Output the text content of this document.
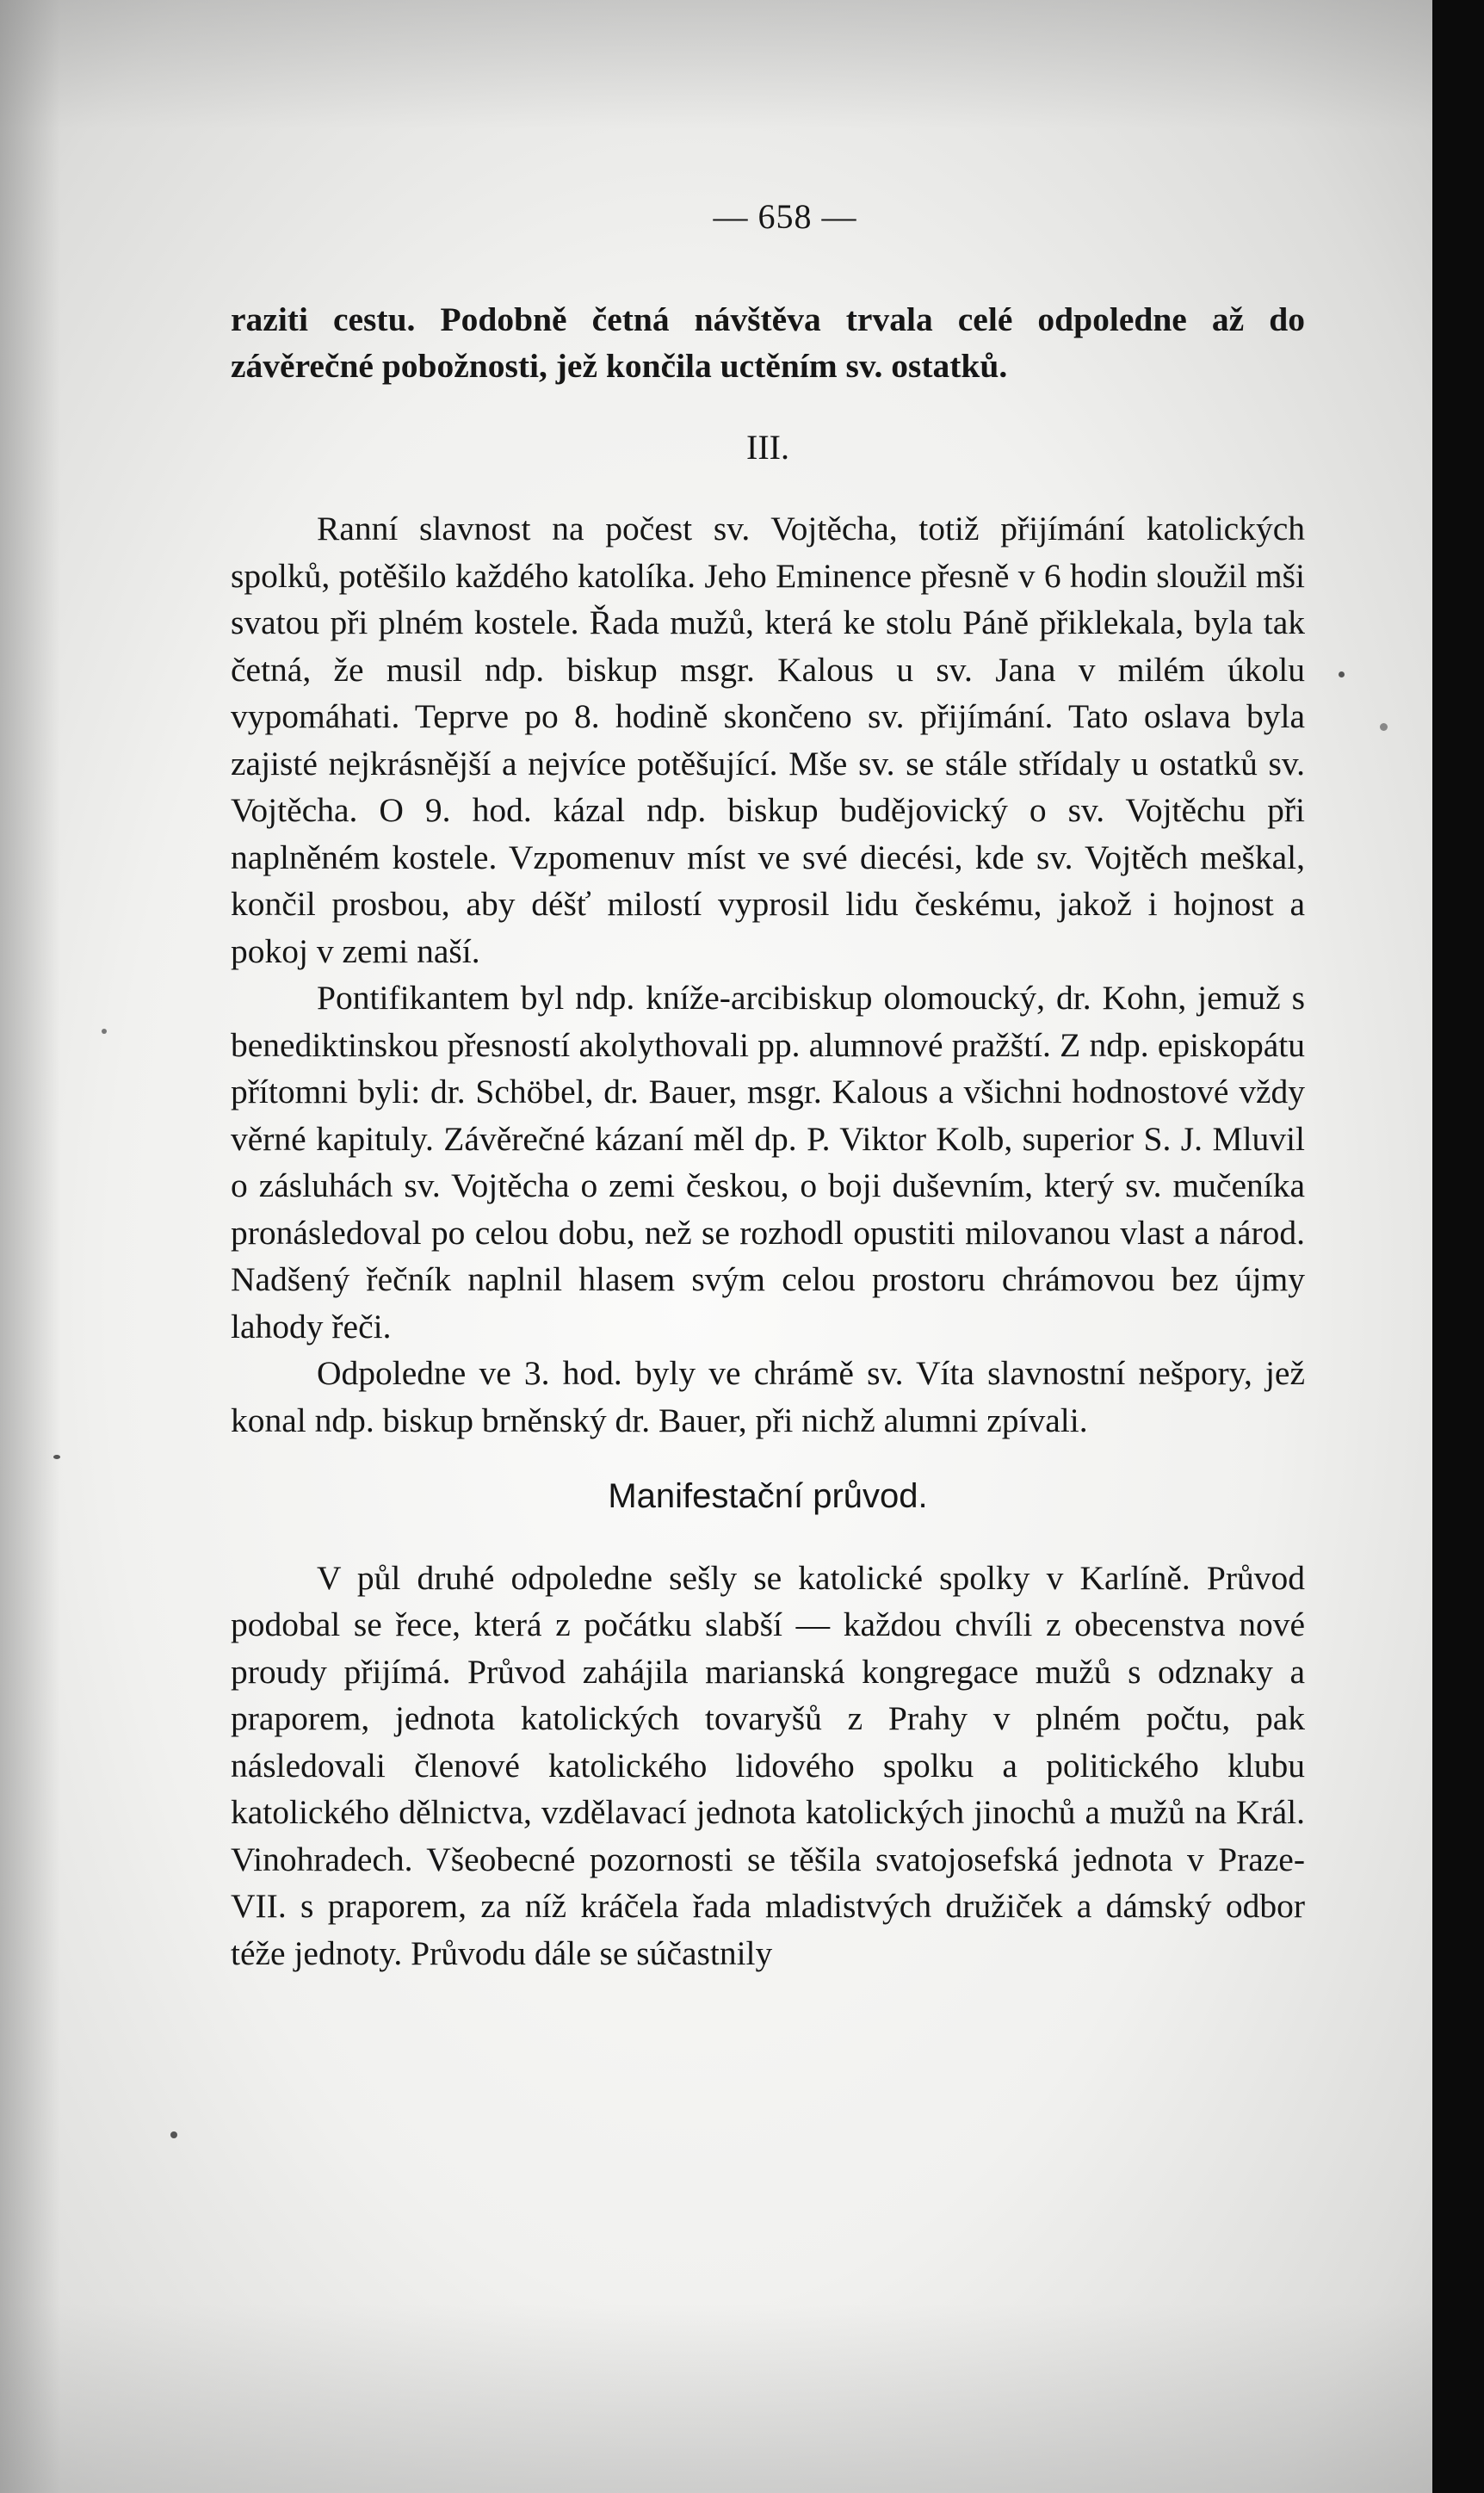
— 658 —

raziti cestu. Podobně četná návštěva trvala celé odpoledne až do závěrečné pobožnosti, jež končila uctěním sv. ostatků.

III.

Ranní slavnost na počest sv. Vojtěcha, totiž přijímání katolických spolků, potěšilo každého katolíka. Jeho Eminence přesně v 6 hodin sloužil mši svatou při plném kostele. Řada mužů, která ke stolu Páně přiklekala, byla tak četná, že musil ndp. biskup msgr. Kalous u sv. Jana v milém úkolu vypomáhati. Teprve po 8. hodině skončeno sv. přijímání. Tato oslava byla zajisté nejkrásnější a nejvíce potěšující. Mše sv. se stále střídaly u ostatků sv. Vojtěcha. O 9. hod. kázal ndp. biskup budějovický o sv. Vojtěchu při naplněném kostele. Vzpomenuv míst ve své diecési, kde sv. Vojtěch meškal, končil prosbou, aby déšť milostí vyprosil lidu českému, jakož i hojnost a pokoj v zemi naší.

Pontifikantem byl ndp. kníže-arcibiskup olomoucký, dr. Kohn, jemuž s benediktinskou přesností akolythovali pp. alumnové pražští. Z ndp. episkopátu přítomni byli: dr. Schöbel, dr. Bauer, msgr. Kalous a všichni hodnostové vždy věrné kapituly. Závěrečné kázaní měl dp. P. Viktor Kolb, superior S. J. Mluvil o zásluhách sv. Vojtěcha o zemi českou, o boji duševním, který sv. mučeníka pronásledoval po celou dobu, než se rozhodl opustiti milovanou vlast a národ. Nadšený řečník naplnil hlasem svým celou prostoru chrámovou bez újmy lahody řeči.

Odpoledne ve 3. hod. byly ve chrámě sv. Víta slavnostní nešpory, jež konal ndp. biskup brněnský dr. Bauer, při nichž alumni zpívali.

Manifestační průvod.

V půl druhé odpoledne sešly se katolické spolky v Karlíně. Průvod podobal se řece, která z počátku slabší — každou chvíli z obecenstva nové proudy přijímá. Průvod zahájila marianská kongregace mužů s odznaky a praporem, jednota katolických tovaryšů z Prahy v plném počtu, pak následovali členové katolického lidového spolku a politického klubu katolického dělnictva, vzdělavací jednota katolických jinochů a mužů na Král. Vinohradech. Všeobecné pozornosti se těšila svatojosefská jednota v Praze-VII. s praporem, za níž kráčela řada mladistvých družiček a dámský odbor téže jednoty. Průvodu dále se súčastnily
